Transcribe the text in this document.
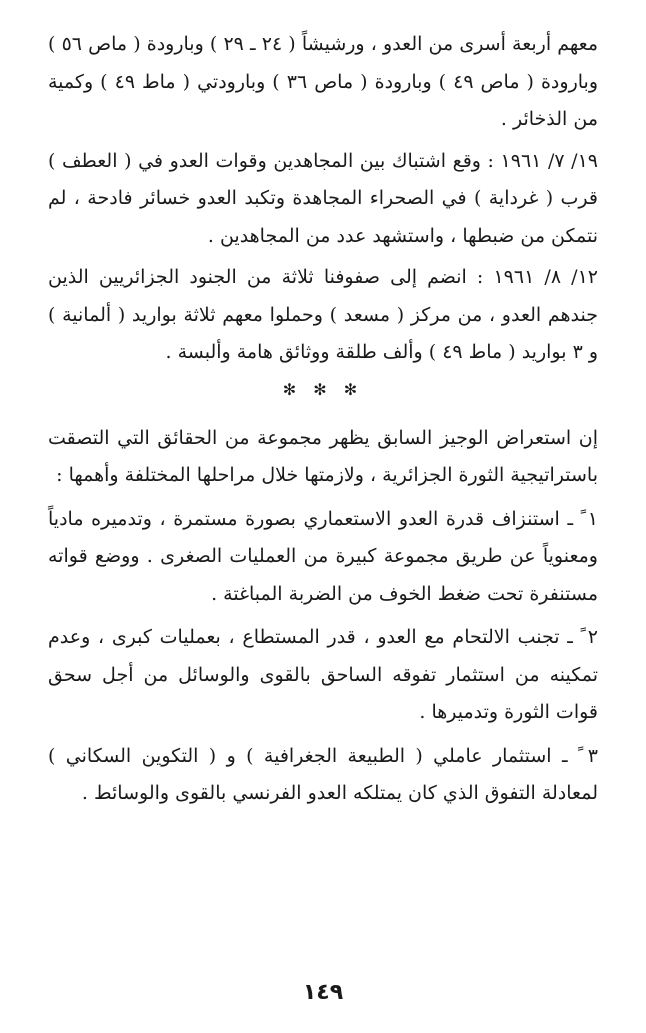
معهم أربعة أسرى من العدو ، ورشيشاً ( ٢٤ ـ ٢٩ ) وبارودة ( ماص ٥٦ ) وبارودة ( ماص ٤٩ ) وبارودة ( ماص ٣٦ ) وبارودتي ( ماط ٤٩ ) وكمية من الذخائر .

١٩/ ٧/ ١٩٦١ : وقع اشتباك بين المجاهدين وقوات العدو في ( العطف ) قرب ( غرداية ) في الصحراء المجاهدة وتكبد العدو خسائر فادحة ، لم نتمكن من ضبطها ، واستشهد عدد من المجاهدين .

١٢/ ٨/ ١٩٦١ : انضم إلى صفوفنا ثلاثة من الجنود الجزائريين الذين جندهم العدو ، من مركز ( مسعد ) وحملوا معهم ثلاثة بواريد ( ألمانية ) و ٣ بواريد ( ماط ٤٩ ) وألف طلقة ووثائق هامة وألبسة .

✻ ✻ ✻

إن استعراض الوجيز السابق يظهر مجموعة من الحقائق التي التصقت باستراتيجية الثورة الجزائرية ، ولازمتها خلال مراحلها المختلفة وأهمها :

١ ً ـ استنزاف قدرة العدو الاستعماري بصورة مستمرة ، وتدميره مادياً ومعنوياً عن طريق مجموعة كبيرة من العمليات الصغرى . ووضع قواته مستنفرة تحت ضغط الخوف من الضربة المباغتة .

٢ ً ـ تجنب الالتحام مع العدو ، قدر المستطاع ، بعمليات كبرى ، وعدم تمكينه من استثمار تفوقه الساحق بالقوى والوسائل من أجل سحق قوات الثورة وتدميرها .

٣ ً ـ استثمار عاملي ( الطبيعة الجغرافية ) و ( التكوين السكاني ) لمعادلة التفوق الذي كان يمتلكه العدو الفرنسي بالقوى والوسائط .

١٤٩
